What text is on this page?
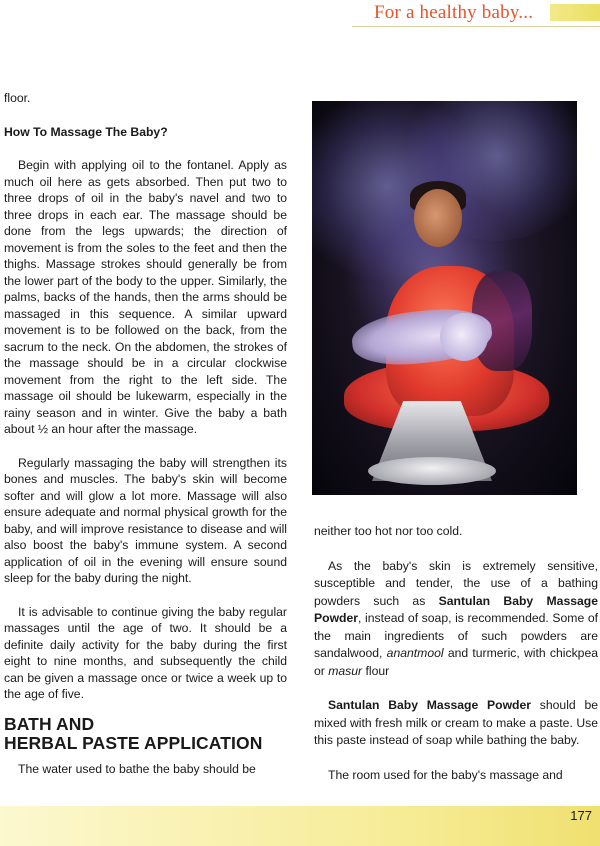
For a healthy baby...

floor.

How To Massage The Baby?

Begin with applying oil to the fontanel. Apply as much oil here as gets absorbed. Then put two to three drops of oil in the baby's navel and two to three drops in each ear. The massage should be done from the legs upwards; the direction of movement is from the soles to the feet and then the thighs. Massage strokes should generally be from the lower part of the body to the upper. Similarly, the palms, backs of the hands, then the arms should be massaged in this sequence. A similar upward movement is to be followed on the back, from the sacrum to the neck. On the abdomen, the strokes of the massage should be in a circular clockwise movement from the right to the left side. The massage oil should be lukewarm, especially in the rainy season and in winter. Give the baby a bath about ½ an hour after the massage.

Regularly massaging the baby will strengthen its bones and muscles. The baby's skin will become softer and will glow a lot more. Massage will also ensure adequate and normal physical growth for the baby, and will improve resistance to disease and will also boost the baby's immune system. A second application of oil in the evening will ensure sound sleep for the baby during the night.

It is advisable to continue giving the baby regular massages until the age of two. It should be a definite daily activity for the baby during the first eight to nine months, and subsequently the child can be given a massage once or twice a week up to the age of five.

BATH AND

HERBAL PASTE APPLICATION

The water used to bathe the baby should be

neither too hot nor too cold.

As the baby's skin is extremely sensitive, susceptible and tender, the use of a bathing powders such as Santulan Baby Massage Powder, instead of soap, is recommended. Some of the main ingredients of such powders are sandalwood, anantmool and turmeric, with chickpea or masur flour

Santulan Baby Massage Powder should be mixed with fresh milk or cream to make a paste. Use this paste instead of soap while bathing the baby.

The room used for the baby's massage and

177
